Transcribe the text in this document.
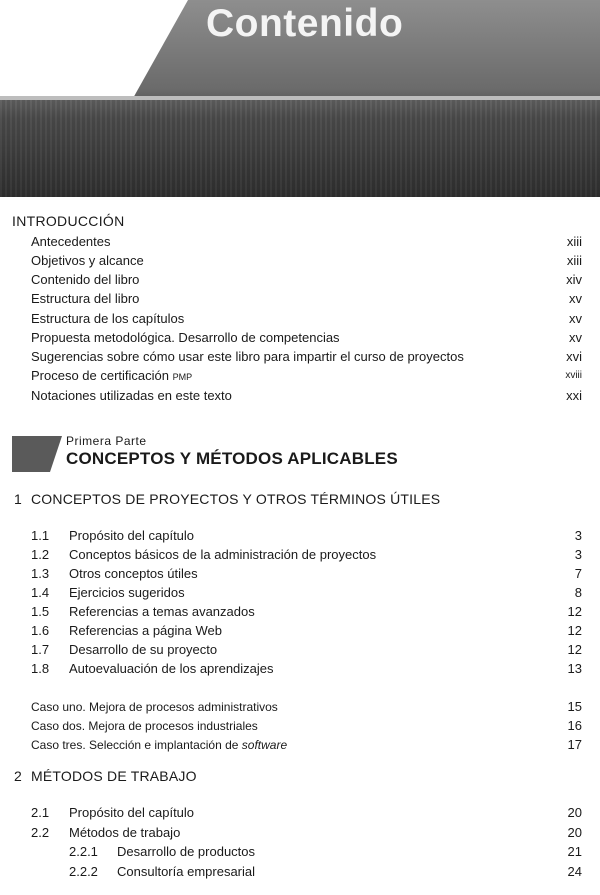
Contenido
INTRODUCCIÓN
Antecedentes	xiii
Objetivos y alcance	xiii
Contenido del libro	xiv
Estructura del libro	xv
Estructura de los capítulos	xv
Propuesta metodológica. Desarrollo de competencias	xv
Sugerencias sobre cómo usar este libro para impartir el curso de proyectos	xvi
Proceso de certificación PMP	xviii
Notaciones utilizadas en este texto	xxi

Primera Parte

CONCEPTOS Y MÉTODOS APLICABLES

1 CONCEPTOS DE PROYECTOS Y OTROS TÉRMINOS ÚTILES
1.1	Propósito del capítulo	3
1.2	Conceptos básicos de la administración de proyectos	3
1.3	Otros conceptos útiles	7
1.4	Ejercicios sugeridos	8
1.5	Referencias a temas avanzados	12
1.6	Referencias a página Web	12
1.7	Desarrollo de su proyecto	12
1.8	Autoevaluación de los aprendizajes	13
Caso uno. Mejora de procesos administrativos	15
Caso dos. Mejora de procesos industriales	16
Caso tres. Selección e implantación de software	17
2 MÉTODOS DE TRABAJO
2.1	Propósito del capítulo	20
2.2	Métodos de trabajo	20
2.2.1	Desarrollo de productos	21
2.2.2	Consultoría empresarial	24
